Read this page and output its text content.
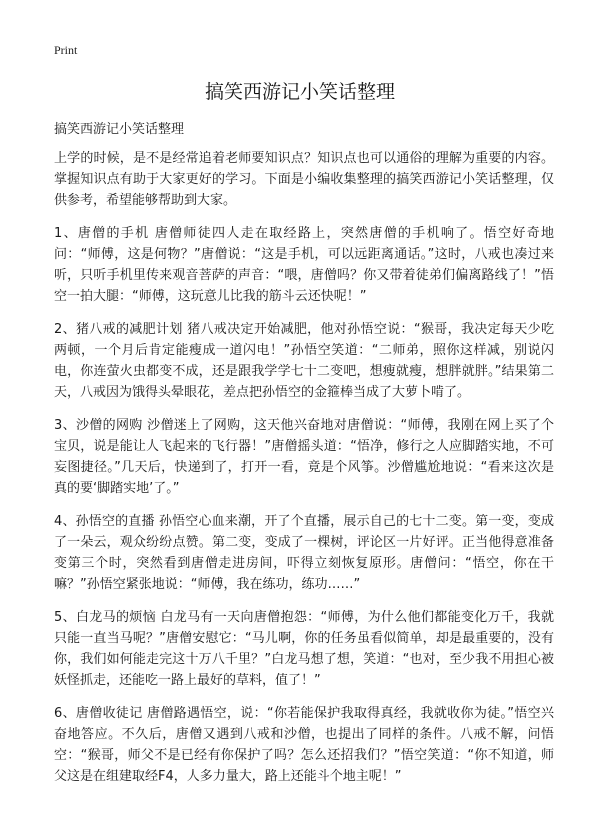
Print
搞笑西游记小笑话整理
搞笑西游记小笑话整理

上学的时候，是不是经常追着老师要知识点？知识点也可以通俗的理解为重要的内容。掌握知识点有助于大家更好的学习。下面是小编收集整理的搞笑西游记小笑话整理，仅供参考，希望能够帮助到大家。

1、唐僧的手机 唐僧师徒四人走在取经路上，突然唐僧的手机响了。悟空好奇地问：“师傅，这是何物？”唐僧说：“这是手机，可以远距离通话。”这时，八戒也凑过来听，只听手机里传来观音菩萨的声音：“喂，唐僧吗？你又带着徒弟们偏离路线了！”悟空一拍大腿：“师傅，这玩意儿比我的筋斗云还快呢！”

2、猪八戒的减肥计划 猪八戒决定开始减肥，他对孙悟空说：“猴哥，我决定每天少吃两顿，一个月后肯定能瘦成一道闪电！”孙悟空笑道：“二师弟，照你这样减，别说闪电，你连萤火虫都变不成，还是跟我学学七十二变吧，想瘦就瘦，想胖就胖。”结果第二天，八戒因为饿得头晕眼花，差点把孙悟空的金箍棒当成了大萝卜啃了。

3、沙僧的网购 沙僧迷上了网购，这天他兴奋地对唐僧说：“师傅，我刚在网上买了个宝贝，说是能让人飞起来的飞行器！”唐僧摇头道：“悟净，修行之人应脚踏实地，不可妄图捷径。”几天后，快递到了，打开一看，竟是个风筝。沙僧尴尬地说：“看来这次是真的要‘脚踏实地’了。”

4、孙悟空的直播 孙悟空心血来潮，开了个直播，展示自己的七十二变。第一变，变成了一朵云，观众纷纷点赞。第二变，变成了一棵树，评论区一片好评。正当他得意准备变第三个时，突然看到唐僧走进房间，吓得立刻恢复原形。唐僧问：“悟空，你在干嘛？”孙悟空紧张地说：“师傅，我在练功，练功……”

5、白龙马的烦恼 白龙马有一天向唐僧抱怨：“师傅，为什么他们都能变化万千，我就只能一直当马呢？”唐僧安慰它：“马儿啊，你的任务虽看似简单，却是最重要的，没有你，我们如何能走完这十万八千里？”白龙马想了想，笑道：“也对，至少我不用担心被妖怪抓走，还能吃一路上最好的草料，值了！”

6、唐僧收徒记 唐僧路遇悟空，说：“你若能保护我取得真经，我就收你为徒。”悟空兴奋地答应。不久后，唐僧又遇到八戒和沙僧，也提出了同样的条件。八戒不解，问悟空：“猴哥，师父不是已经有你保护了吗？怎么还招我们？”悟空笑道：“你不知道，师父这是在组建取经F4，人多力量大，路上还能斗个地主呢！”
